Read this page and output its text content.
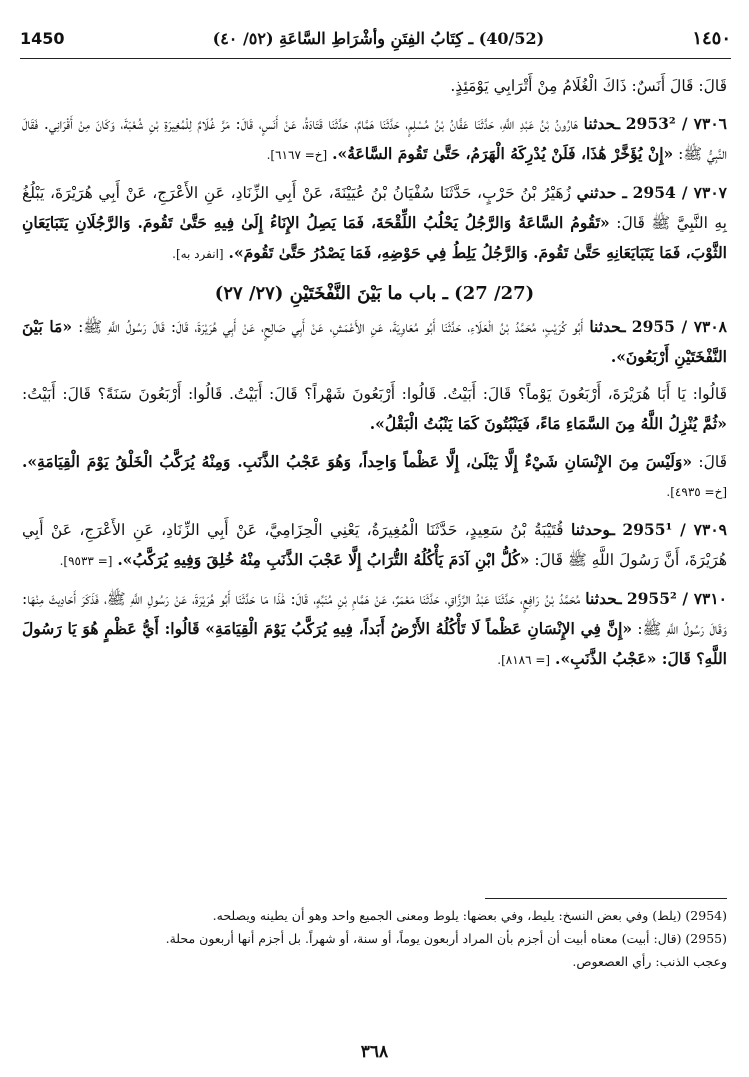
1450	(40/52) ـ كِتَابُ الفِتَنِ وأشْرَاطِ السَّاعَةِ (٥٢/ ٤٠)	١٤٥٠

قَالَ: قَالَ أَنَسٌ: ذَاكَ الْغُلَامُ مِنْ أَتْرَابِي يَوْمَئِذٍ.

٧٣٠٦ / 2953² ـحدثنا هَارُونُ بْنُ عَبْدِ اللَّهِ، حَدَّثَنَا عَفَّانُ بْنُ مُسْلِمٍ، حَدَّثَنَا هَمَّامٌ، حَدَّثَنَا قَتَادَةُ، عَنْ أَنَسٍ، قَالَ: مَرَّ غُلَامٌ لِلْمُغِيرَةِ بْنِ شُعْبَةَ، وَكَانَ مِنْ أَقْرَانِي. فَقَالَ النَّبِيُّ ﷺ: «إِنْ يُؤَخَّرْ هَٰذَا، فَلَنْ يُدْرِكَهُ الْهَرَمُ، حَتَّىٰ تَقُومَ السَّاعَةُ». [خ= ٦١٦٧].

٧٣٠٧ / 2954 ـ حدثني زُهَيْرُ بْنُ حَرْبٍ، حَدَّثَنَا سُفْيَانُ بْنُ عُيَيْنَةَ، عَنْ أَبِي الزِّنَادِ، عَنِ الأَعْرَجِ، عَنْ أَبِي هُرَيْرَةَ، يَبْلُغُ بِهِ النَّبِيَّ ﷺ قَالَ: «تَقُومُ السَّاعَةُ وَالرَّجُلُ يَحْلُبُ اللِّقْحَةَ، فَمَا يَصِلُ الإِنَاءُ إِلَىٰ فِيهِ حَتَّىٰ تَقُومَ. وَالرَّجُلَانِ يَتَبَايَعَانِ الثَّوْبَ، فَمَا يَتَبَايَعَانِهِ حَتَّىٰ تَقُومَ. وَالرَّجُلُ يَلِطُ فِي حَوْضِهِ، فَمَا يَصْدُرُ حَتَّىٰ تَقُومَ». [انفرد به].

(27/ 27) ـ باب ما بَيْنَ النَّفْخَتَيْنِ (٢٧/ ٢٧)

٧٣٠٨ / 2955 ـحدثنا أَبُو كُرَيْبٍ، مُحَمَّدُ بْنُ الْعَلَاءِ، حَدَّثَنَا أَبُو مُعَاوِيَةَ، عَنِ الأَعْمَشِ، عَنْ أَبِي صَالِحٍ، عَنْ أَبِي هُرَيْرَةَ، قَالَ: قَالَ رَسُولُ اللَّهِ ﷺ: «مَا بَيْنَ النَّفْخَتَيْنِ أَرْبَعُونَ».

قَالُوا: يَا أَبَا هُرَيْرَةَ، أَرْبَعُونَ يَوْماً؟ قَالَ: أَبَيْتُ. قَالُوا: أَرْبَعُونَ شَهْراً؟ قَالَ: أَبَيْتُ. قَالُوا: أَرْبَعُونَ سَنَةً؟ قَالَ: أَبَيْتُ: «ثُمَّ يُنْزِلُ اللَّهُ مِنَ السَّمَاءِ مَاءً، فَيَنْبُتُونَ كَمَا يَنْبُتُ الْبَقْلُ».

قَالَ: «وَلَيْسَ مِنَ الإِنْسَانِ شَيْءٌ إِلَّا يَبْلَىٰ، إِلَّا عَظْماً وَاحِداً، وَهُوَ عَجْبُ الذَّنَبِ. وَمِنْهُ يُرَكَّبُ الْخَلْقُ يَوْمَ الْقِيَامَةِ». [خ= ٤٩٣٥].

٧٣٠٩ / 2955¹ ـوحدثنا قُتَيْبَةُ بْنُ سَعِيدٍ، حَدَّثَنَا الْمُغِيرَةُ، يَعْنِي الْحِزَامِيَّ، عَنْ أَبِي الزِّنَادِ، عَنِ الأَعْرَجِ، عَنْ أَبِي هُرَيْرَةَ، أَنَّ رَسُولَ اللَّهِ ﷺ قَالَ: «كُلُّ ابْنِ آدَمَ يَأْكُلُهُ التُّرَابُ إِلَّا عَجْبَ الذَّنَبِ مِنْهُ خُلِقَ وَفِيهِ يُرَكَّبُ». [= ٩٥٣٣].

٧٣١٠ / 2955² ـحدثنا مُحَمَّدُ بْنُ رَافِعٍ، حَدَّثَنَا عَبْدُ الرَّزَّاقِ، حَدَّثَنَا مَعْمَرٌ، عَنْ هَمَّامِ بْنِ مُنَبِّهٍ، قَالَ: هَٰذَا مَا حَدَّثَنَا أَبُو هُرَيْرَةَ، عَنْ رَسُولِ اللَّهِ ﷺ، فَذَكَرَ أَحَادِيثَ مِنْهَا: وَقَالَ رَسُولُ اللَّهِ ﷺ: «إِنَّ فِي الإِنْسَانِ عَظْماً لَا تَأْكُلُهُ الأَرْضُ أَبَداً، فِيهِ يُرَكَّبُ يَوْمَ الْقِيَامَةِ» قَالُوا: أَيُّ عَظْمٍ هُوَ يَا رَسُولَ اللَّهِ؟ قَالَ: «عَجْبُ الذَّنَبِ». [= ٨١٨٦].

(2954) (يلط) وفي بعض النسخ: يليط، وفي بعضها: يلوط ومعنى الجميع واحد وهو أن يطينه ويصلحه.

(2955) (قال: أبيت) معناه أبيت أن أجزم بأن المراد أربعون يوماً، أو سنة، أو شهراً. بل أجزم أنها أربعون محلة.

وعجب الذنب: رأي العصعوص.

٣٦٨
